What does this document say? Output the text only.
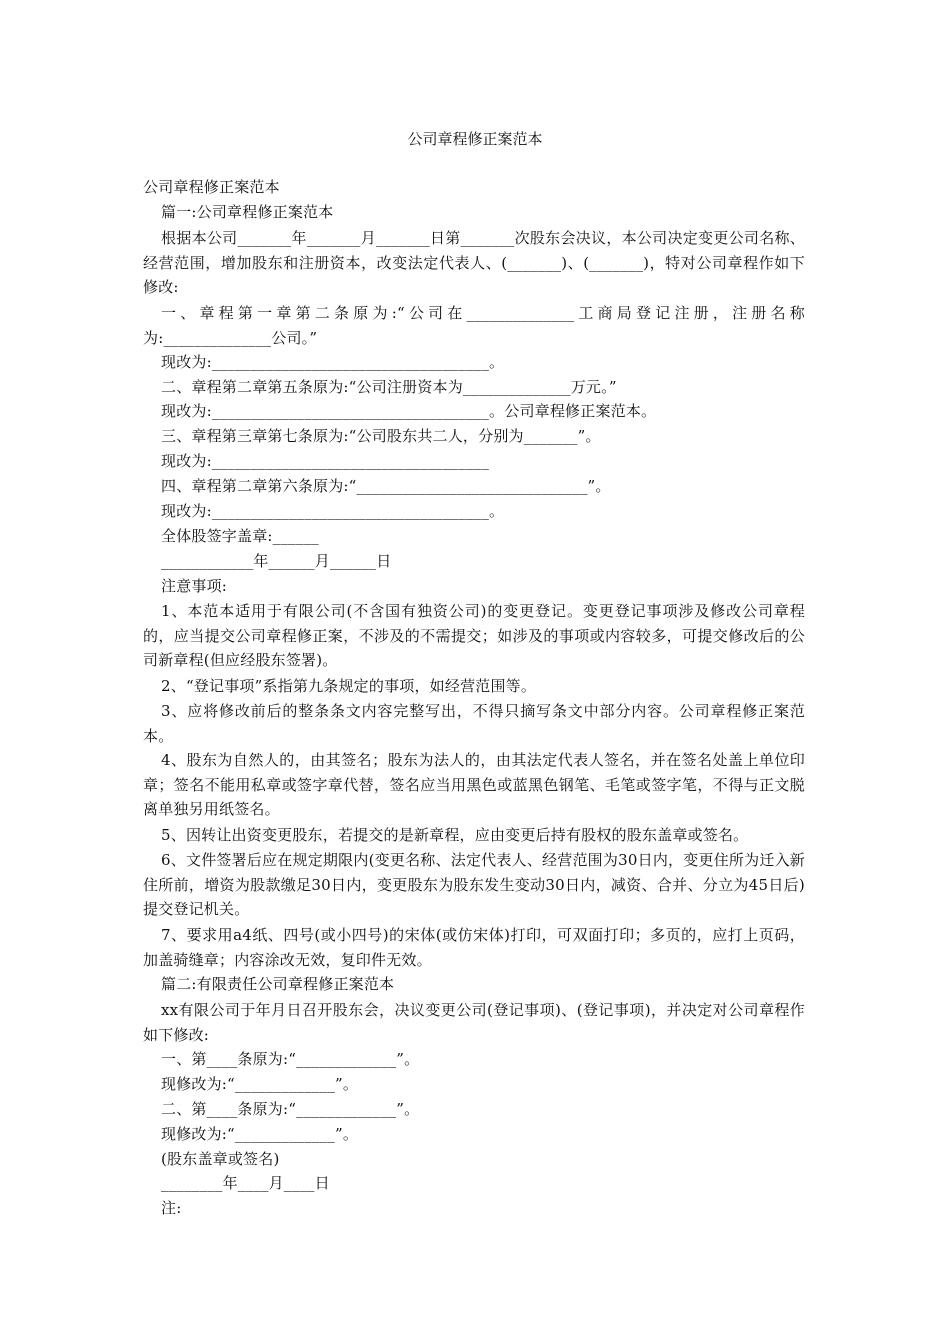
公司章程修正案范本
公司章程修正案范本
篇一:公司章程修正案范本
根据本公司_______年_______月_______日第_______次股东会决议，本公司决定变更公司名称、经营范围，增加股东和注册资本，改变法定代表人、(_______)、(_______)，特对公司章程作如下修改:
一、章程第一章第二条原为:“公司在______________工商局登记注册，注册名称为:______________公司。”
现改为:____________________________________。
二、章程第二章第五条原为:“公司注册资本为______________万元。”
现改为:____________________________________。公司章程修正案范本。
三、章程第三章第七条原为:“公司股东共二人，分别为_______”。
现改为:____________________________________
四、章程第二章第六条原为:“______________________________”。
现改为:____________________________________。
全体股签字盖章:______
____________年______月______日
注意事项:
1、本范本适用于有限公司(不含国有独资公司)的变更登记。变更登记事项涉及修改公司章程的，应当提交公司章程修正案，不涉及的不需提交；如涉及的事项或内容较多，可提交修改后的公司新章程(但应经股东签署)。
2、“登记事项”系指第九条规定的事项，如经营范围等。
3、应将修改前后的整条条文内容完整写出，不得只摘写条文中部分内容。公司章程修正案范本。
4、股东为自然人的，由其签名；股东为法人的，由其法定代表人签名，并在签名处盖上单位印章；签名不能用私章或签字章代替，签名应当用黑色或蓝黑色钢笔、毛笔或签字笔，不得与正文脱离单独另用纸签名。
5、因转让出资变更股东，若提交的是新章程，应由变更后持有股权的股东盖章或签名。
6、文件签署后应在规定期限内(变更名称、法定代表人、经营范围为30日内，变更住所为迁入新住所前，增资为股款缴足30日内，变更股东为股东发生变动30日内，减资、合并、分立为45日后)提交登记机关。
7、要求用a4纸、四号(或小四号)的宋体(或仿宋体)打印，可双面打印；多页的，应打上页码，加盖骑缝章；内容涂改无效，复印件无效。
篇二:有限责任公司章程修正案范本
xx有限公司于年月日召开股东会，决议变更公司(登记事项)、(登记事项)，并决定对公司章程作如下修改:
一、第____条原为:“_____________”。
现修改为:“_____________”。
二、第____条原为:“_____________”。
现修改为:“_____________”。
(股东盖章或签名)
________年____月____日
注:
